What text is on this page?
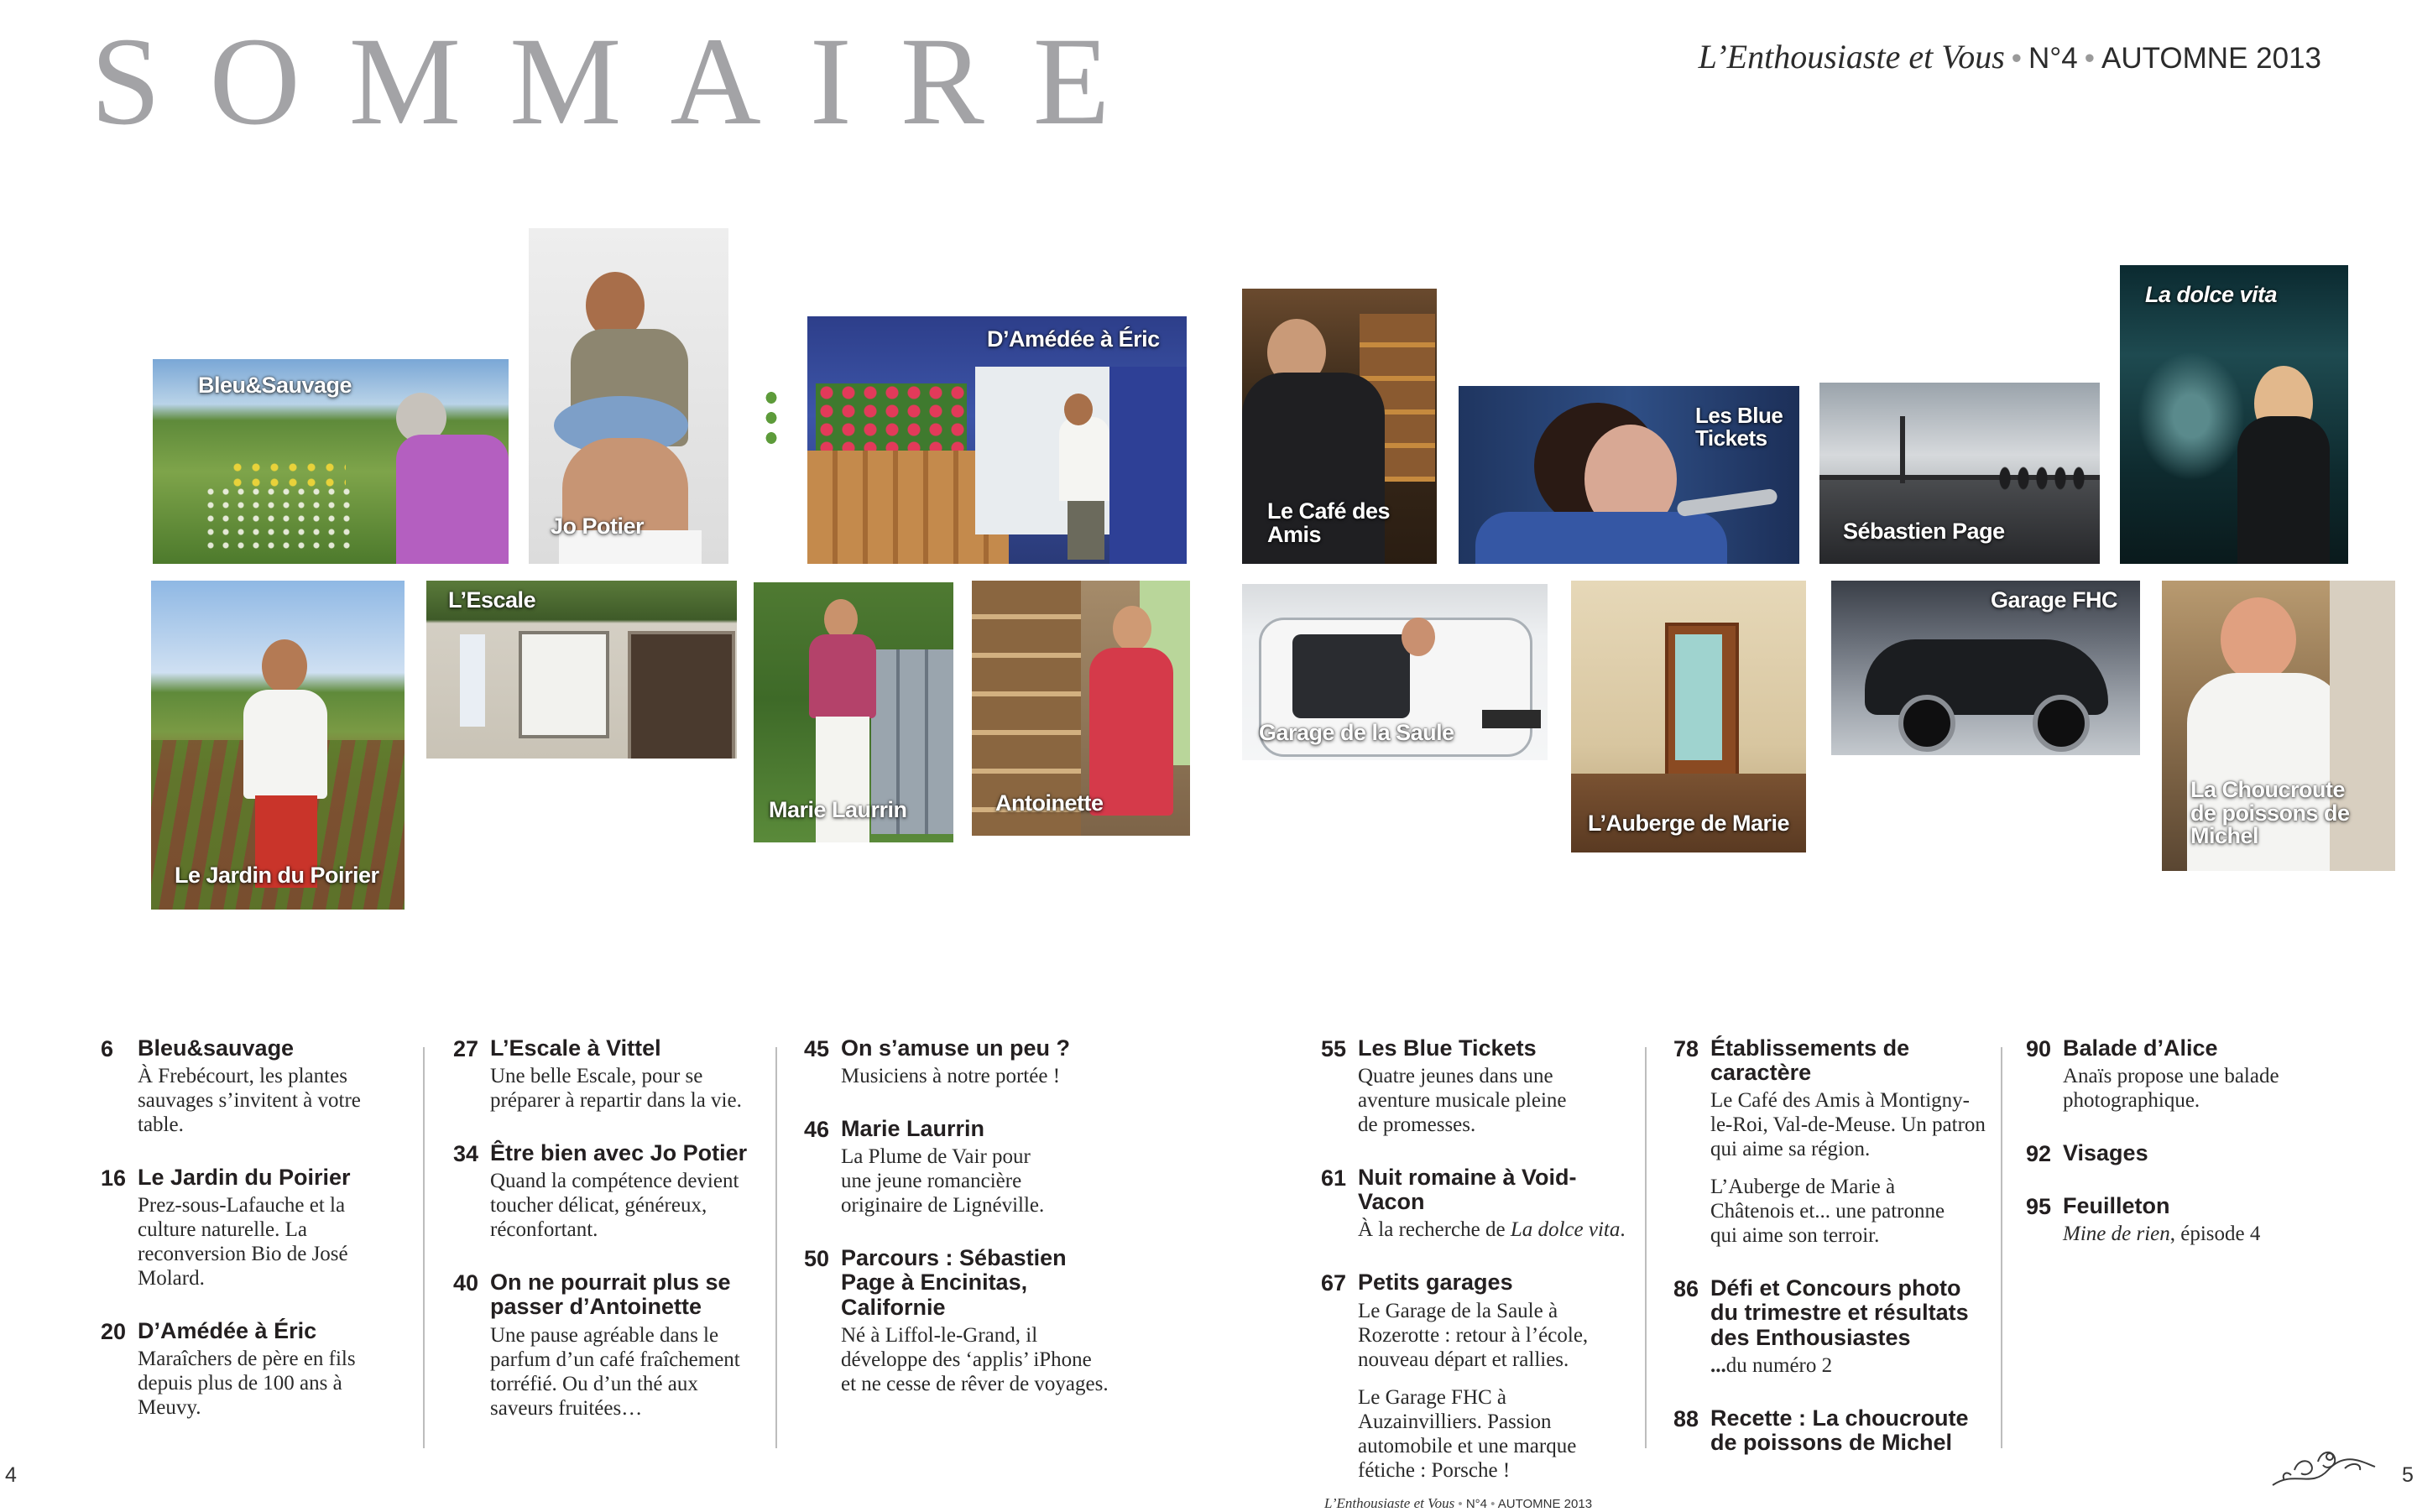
SOMMAIRE	L’Enthousiaste et Vous • N°4 • AUTOMNE 2013
Bleu&Sauvage
Jo Potier
D’Amédée à Éric
Le Café des Amis
Les Blue Tickets
Sébastien Page
La dolce vita
Le Jardin du Poirier
L’Escale
Marie Laurrin	Antoinette
Garage de la Saule
L’Auberge de Marie
Garage FHC
La Choucroute de poissons de Michel
6	Bleu&sauvage
À Frebécourt, les plantes sauvages s’invitent à votre table.
16 Le Jardin du Poirier
Prez-sous-Lafauche et la culture naturelle. La reconversion Bio de José Molard.
20 D’Amédée à Éric
Maraîchers de père en fils depuis plus de 100 ans à Meuvy.
27 L’Escale à Vittel
Une belle Escale, pour se préparer à repartir dans la vie.
34 Être bien avec Jo Potier
Quand la compétence devient toucher délicat, généreux, réconfortant.
40 On ne pourrait plus se passer d’Antoinette
Une pause agréable dans le parfum d’un café fraîchement torréfié. Ou d’un thé aux saveurs fruitées…
45 On s’amuse un peu ?
Musiciens à notre portée !
46 Marie Laurrin
La Plume de Vair pour une jeune romancière originaire de Lignéville.
50 Parcours : Sébastien Page à Encinitas, Californie
Né à Liffol-le-Grand, il développe des ‘applis’ iPhone et ne cesse de rêver de voyages.
55 Les Blue Tickets
Quatre jeunes dans une aventure musicale pleine de promesses.
61 Nuit romaine à Void-Vacon
À la recherche de La dolce vita.
67 Petits garages
Le Garage de la Saule à Rozerotte : retour à l’école, nouveau départ et rallies.
Le Garage FHC à Auzainvilliers. Passion automobile et une marque fétiche : Porsche !
78 Établissements de caractère
Le Café des Amis à Montigny-le-Roi, Val-de-Meuse. Un patron qui aime sa région.
L’Auberge de Marie à Châtenois et... une patronne qui aime son terroir.
86 Défi et Concours photo du trimestre et résultats des Enthousiastes
...du numéro 2
88 Recette : La choucroute de poissons de Michel
90 Balade d’Alice
Anaïs propose une balade photographique.
92 Visages
95 Feuilleton
Mine de rien, épisode 4
4	5
L’Enthousiaste et Vous • N°4 • AUTOMNE 2013
